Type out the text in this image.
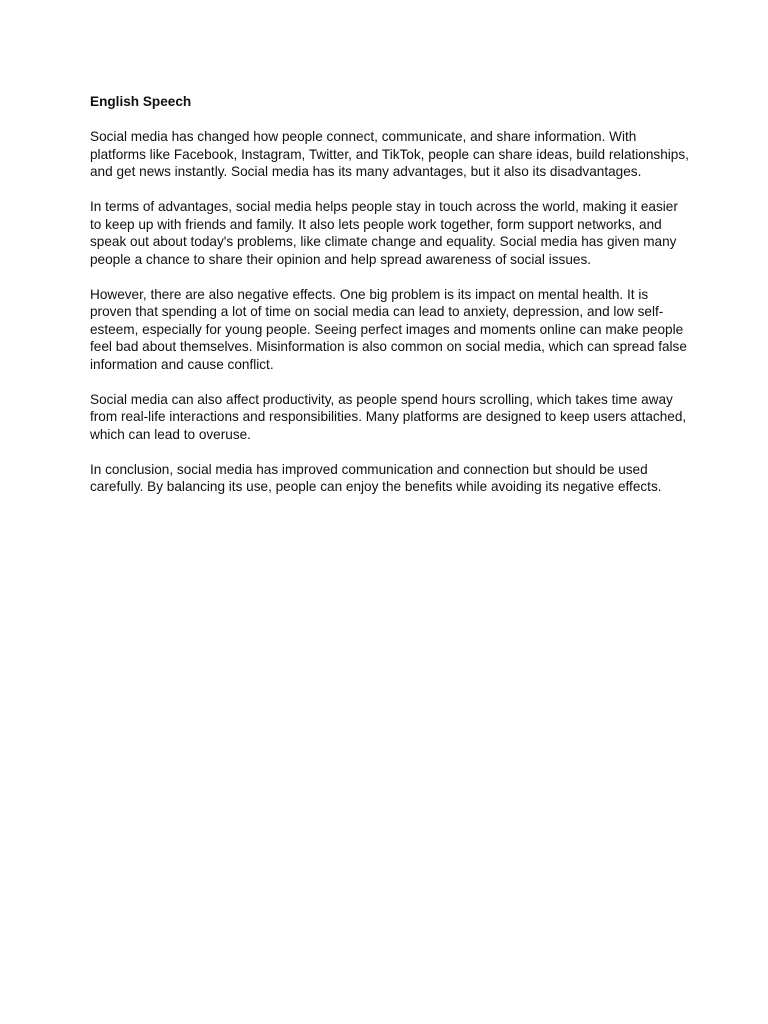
English Speech

Social media has changed how people connect, communicate, and share information. With platforms like Facebook, Instagram, Twitter, and TikTok, people can share ideas, build relationships, and get news instantly. Social media has its many advantages, but it also its disadvantages.

In terms of advantages, social media helps people stay in touch across the world, making it easier to keep up with friends and family. It also lets people work together, form support networks, and speak out about today's problems, like climate change and equality. Social media has given many people a chance to share their opinion and help spread awareness of social issues.

However, there are also negative effects. One big problem is its impact on mental health. It is proven that spending a lot of time on social media can lead to anxiety, depression, and low self-esteem, especially for young people. Seeing perfect images and moments online can make people feel bad about themselves. Misinformation is also common on social media, which can spread false information and cause conflict.

Social media can also affect productivity, as people spend hours scrolling, which takes time away from real-life interactions and responsibilities. Many platforms are designed to keep users attached, which can lead to overuse.

In conclusion, social media has improved communication and connection but should be used carefully. By balancing its use, people can enjoy the benefits while avoiding its negative effects.
